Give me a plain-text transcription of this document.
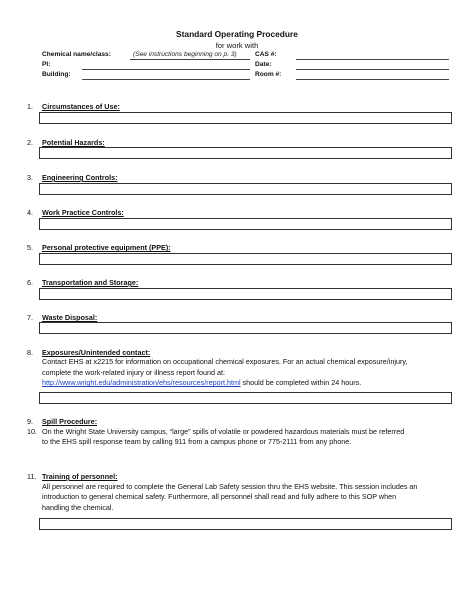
Standard Operating Procedure
for work with
Chemical name/class:	(See instructions beginning on p. 3)	CAS #:
PI:	Date:
Building:	Room #:
1. Circumstances of Use:
2. Potential Hazards:
3. Engineering Controls:
4. Work Practice Controls:
5. Personal protective equipment (PPE):
6. Transportation and Storage:
7. Waste Disposal:
8. Exposures/Unintended contact:
Contact EHS at x2215 for information on occupational chemical exposures. For an actual chemical exposure/injury,
complete the work-related injury or illness report found at:
http://www.wright.edu/administration/ehs/resources/report.html should be completed within 24 hours.
9. Spill Procedure:
10. On the Wright State University campus, “large” spills of volatile or powdered hazardous materials must be referred
to the EHS spill response team by calling 911 from a campus phone or 775-2111 from any phone.
11. Training of personnel:
All personnel are required to complete the General Lab Safety session thru the EHS website. This session includes an
introduction to general chemical safety. Furthermore, all personnel shall read and fully adhere to this SOP when
handling the chemical.
